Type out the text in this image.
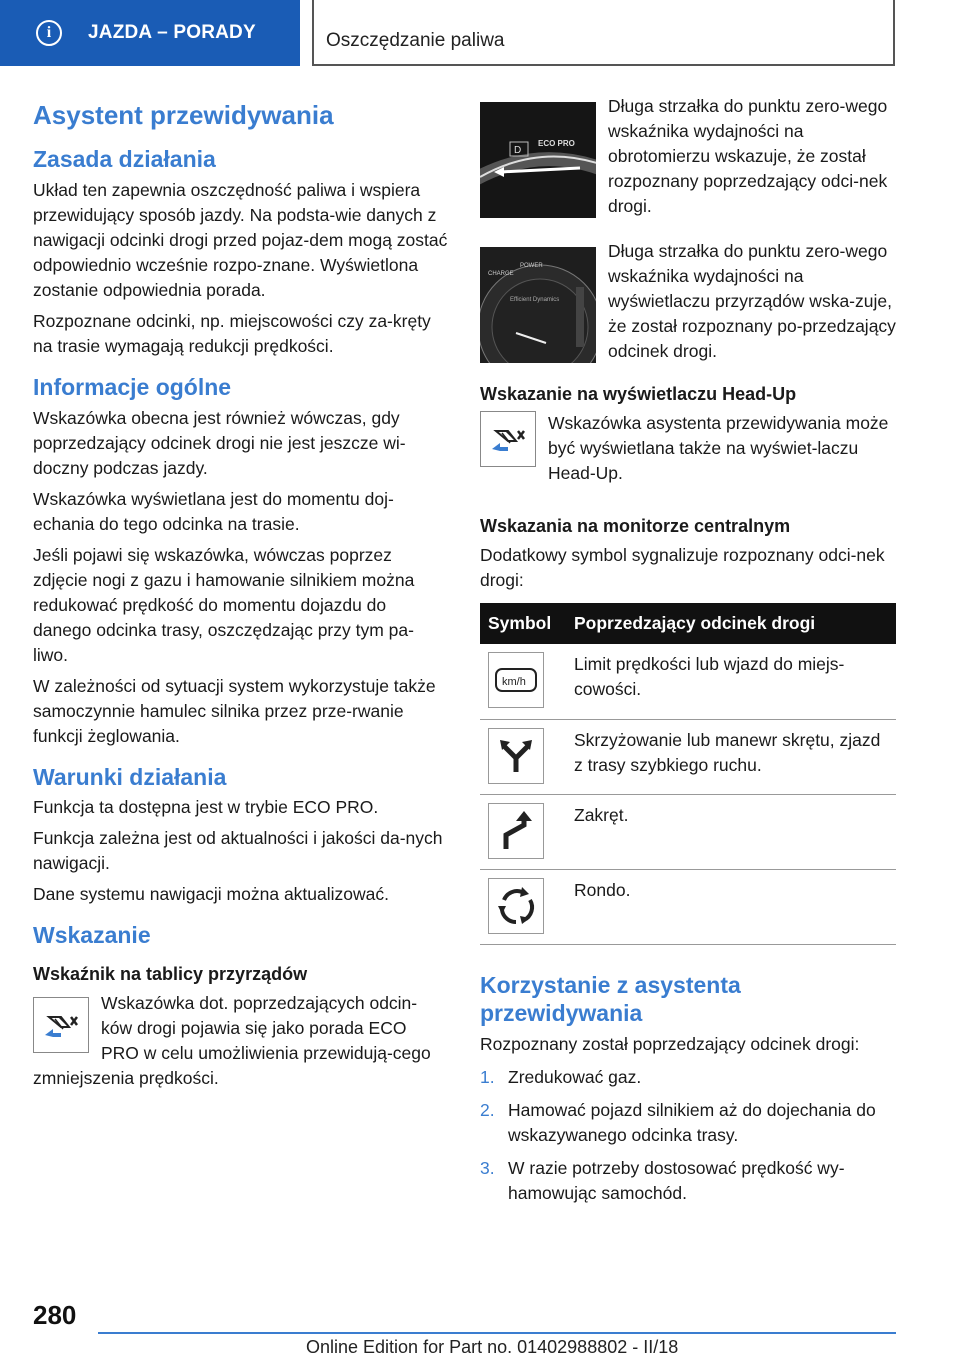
i	JAZDA – PORADY	Oszczędzanie paliwa
Asystent przewidywania
Zasada działania

Układ ten zapewnia oszczędność paliwa i wspiera przewidujący sposób jazdy. Na podsta‐wie danych z nawigacji odcinki drogi przed pojaz‐dem mogą zostać odpowiednio wcześnie rozpo‐znane. Wyświetlona zostanie odpowiednia porada.

Rozpoznane odcinki, np. miejscowości czy za‐kręty na trasie wymagają redukcji prędkości.

Informacje ogólne

Wskazówka obecna jest również wówczas, gdy poprzedzający odcinek drogi nie jest jeszcze wi‐doczny podczas jazdy.

Wskazówka wyświetlana jest do momentu doj‐echania do tego odcinka na trasie.

Jeśli pojawi się wskazówka, wówczas poprzez zdjęcie nogi z gazu i hamowanie silnikiem można redukować prędkość do momentu dojazdu do danego odcinka trasy, oszczędzając przy tym pa‐liwo.

W zależności od sytuacji system wykorzystuje także samoczynnie hamulec silnika przez prze‐rwanie funkcji żeglowania.

Warunki działania

Funkcja ta dostępna jest w trybie ECO PRO.

Funkcja zależna jest od aktualności i jakości da‐nych nawigacji.

Dane systemu nawigacji można aktualizować.

Wskazanie
Wskaźnik na tablicy przyrządów

Wskazówka dot. poprzedzających odcin‐ków drogi pojawia się jako porada ECO PRO w celu umożliwienia przewidują‐cego zmniejszenia prędkości.

D
ECO PRO

Długa strzałka do punktu zero‐wego wskaźnika wydajności na obrotomierzu wskazuje, że został rozpoznany poprzedzający odci‐nek drogi.

CHARGE
POWER
Efficient Dynamics

Długa strzałka do punktu zero‐wego wskaźnika wydajności na wyświetlaczu przyrządów wska‐zuje, że został rozpoznany po‐przedzający odcinek drogi.

Wskazanie na wyświetlaczu Head-Up

Wskazówka asystenta przewidywania może być wyświetlana także na wyświet‐laczu Head-Up.

Wskazania na monitorze centralnym

Dodatkowy symbol sygnalizuje rozpoznany odci‐nek drogi:

Symbol	Poprzedzający odcinek drogi

km/h	Limit prędkości lub wjazd do miejs‐cowości.

	Skrzyżowanie lub manewr skrętu, zjazd z trasy szybkiego ruchu.

	Zakręt.

	Rondo.
Korzystanie z asystenta przewidywania

Rozpoznany został poprzedzający odcinek drogi:

1. Zredukować gaz.
2. Hamować pojazd silnikiem aż do dojechania do wskazywanego odcinka trasy.
3. W razie potrzeby dostosować prędkość wy‐hamowując samochód.
280
Online Edition for Part no. 01402988802 - II/18
